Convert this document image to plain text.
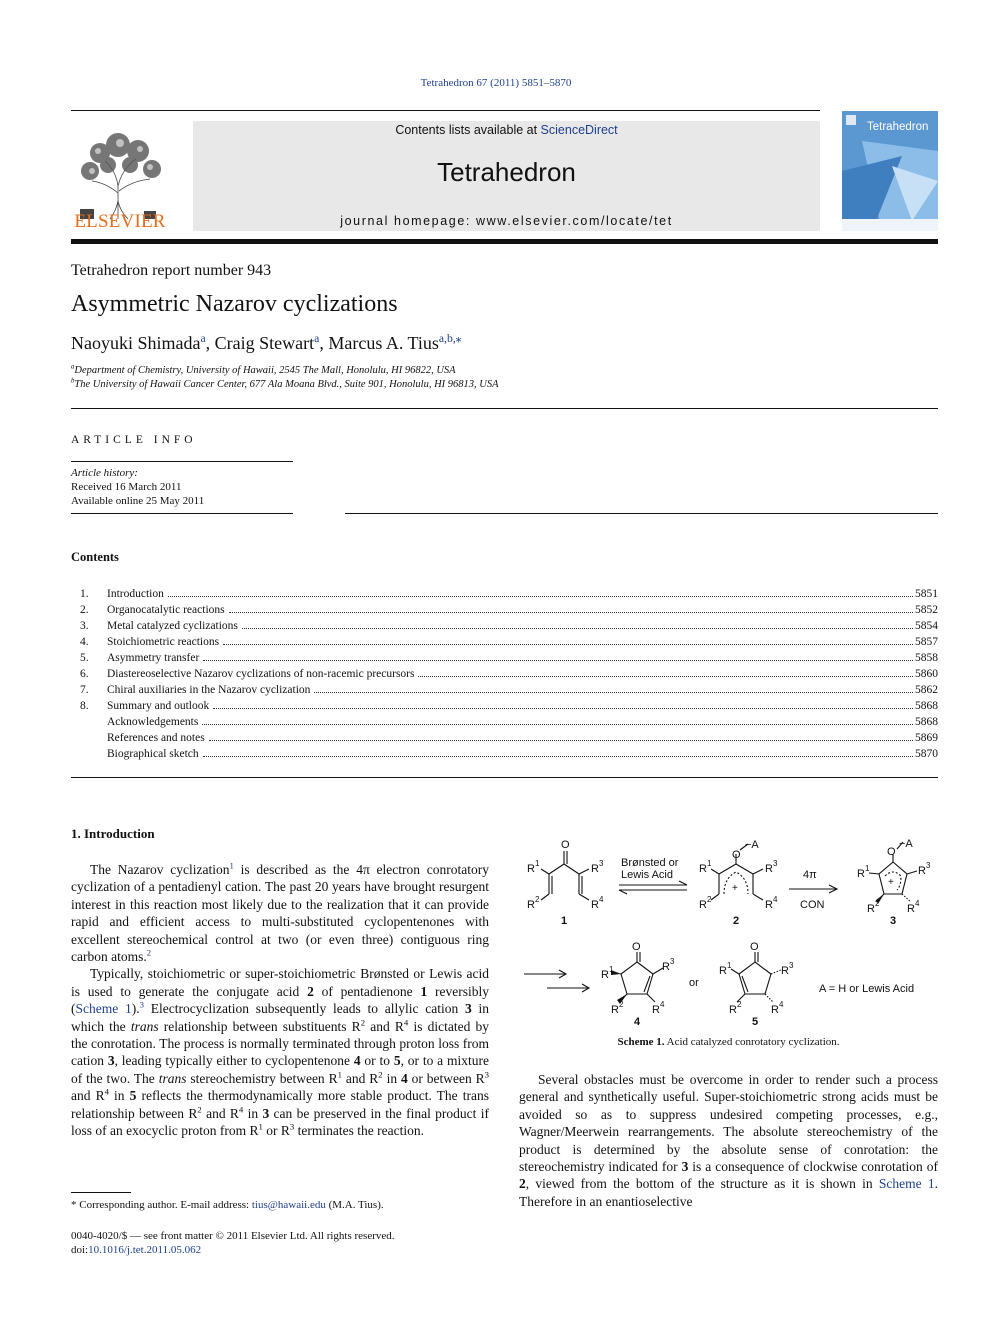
Tetrahedron 67 (2011) 5851–5870
ELSEVIER
Contents lists available at ScienceDirect
Tetrahedron
journal homepage: www.elsevier.com/locate/tet
Tetrahedron
Tetrahedron report number 943
Asymmetric Nazarov cyclizations
Naoyuki Shimada$^a$, Craig Stewart$^a$, Marcus A. Tius$^{a,b,⁎}$
$^a$Department of Chemistry, University of Hawaii, 2545 The Mall, Honolulu, HI 96822, USA
$^b$The University of Hawaii Cancer Center, 677 Ala Moana Blvd., Suite 901, Honolulu, HI 96813, USA
ARTICLE INFO
Article history:
Received 16 March 2011
Available online 25 May 2011
Contents
1.	Introduction	5851
2.	Organocatalytic reactions	5852
3.	Metal catalyzed cyclizations	5854
4.	Stoichiometric reactions	5857
5.	Asymmetry transfer	5858
6.	Diastereoselective Nazarov cyclizations of non-racemic precursors	5860
7.	Chiral auxiliaries in the Nazarov cyclization	5862
8.	Summary and outlook	5868
Acknowledgements	5868
References and notes	5869
Biographical sketch	5870
1. Introduction

The Nazarov cyclization$^1$ is described as the 4π electron conrotatory cyclization of a pentadienyl cation. The past 20 years have brought resurgent interest in this reaction most likely due to the realization that it can provide rapid and efficient access to multi-substituted cyclopentenones with excellent stereochemical control at two (or even three) contiguous ring carbon atoms.$^2$

Typically, stoichiometric or super-stoichiometric Brønsted or Lewis acid is used to generate the conjugate acid 2 of pentadienone 1 reversibly (Scheme 1).$^3$ Electrocyclization subsequently leads to allylic cation 3 in which the trans relationship between substituents $R^2$ and $R^4$ is dictated by the conrotation. The process is normally terminated through proton loss from cation 3, leading typically either to cyclopentenone 4 or to 5, or to a mixture of the two. The trans stereochemistry between $R^1$ and $R^2$ in 4 or between $R^3$ and $R^4$ in 5 reflects the thermodynamically more stable product. The trans relationship between $R^2$ and $R^4$ in 3 can be preserved in the final product if loss of an exocyclic proton from $R^1$ or $R^3$ terminates the reaction.

O
R 1	R 3
R 2	R 4
1
Brønsted or
Lewis Acid
O
−A
R 1	R 3
R 2	R 4
+
2
4π
CON
O
−A
R 1	R 3
R 2	R 4
+
3
O
R 1	R 3
R 2	R 4
4
or
O
R 1	R 3
R 2	R 4
5
A = H or Lewis Acid
Scheme 1. Acid catalyzed conrotatory cyclization.

Several obstacles must be overcome in order to render such a process general and synthetically useful. Super-stoichiometric strong acids must be avoided so as to suppress undesired competing processes, e.g., Wagner/Meerwein rearrangements. The absolute stereochemistry of the product is determined by the absolute sense of conrotation: the stereochemistry indicated for 3 is a consequence of clockwise conrotation of 2, viewed from the bottom of the structure as it is shown in Scheme 1. Therefore in an enantioselective

* Corresponding author. E-mail address: tius@hawaii.edu (M.A. Tius).
0040-4020/$ — see front matter © 2011 Elsevier Ltd. All rights reserved.
doi:10.1016/j.tet.2011.05.062
